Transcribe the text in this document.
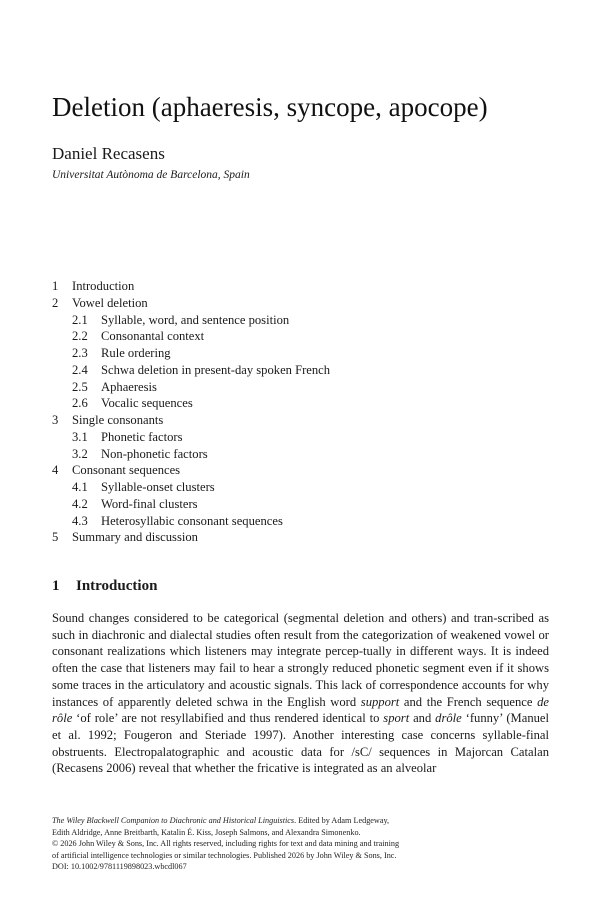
Deletion (aphaeresis, syncope, apocope)
Daniel Recasens
Universitat Autònoma de Barcelona, Spain
1	Introduction
2	Vowel deletion
2.1	Syllable, word, and sentence position
2.2	Consonantal context
2.3	Rule ordering
2.4	Schwa deletion in present-day spoken French
2.5	Aphaeresis
2.6	Vocalic sequences
3	Single consonants
3.1	Phonetic factors
3.2	Non-phonetic factors
4	Consonant sequences
4.1	Syllable-onset clusters
4.2	Word-final clusters
4.3	Heterosyllabic consonant sequences
5	Summary and discussion
1 Introduction
Sound changes considered to be categorical (segmental deletion and others) and tran-scribed as such in diachronic and dialectal studies often result from the categorization of weakened vowel or consonant realizations which listeners may integrate percep-tually in different ways. It is indeed often the case that listeners may fail to hear a strongly reduced phonetic segment even if it shows some traces in the articulatory and acoustic signals. This lack of correspondence accounts for why instances of apparently deleted schwa in the English word support and the French sequence de rôle ‘of role’ are not resyllabified and thus rendered identical to sport and drôle ‘funny’ (Manuel et al. 1992; Fougeron and Steriade 1997). Another interesting case concerns syllable-final obstruents. Electropalatographic and acoustic data for /sC/ sequences in Majorcan Catalan (Recasens 2006) reveal that whether the fricative is integrated as an alveolar
The Wiley Blackwell Companion to Diachronic and Historical Linguistics. Edited by Adam Ledgeway,
Edith Aldridge, Anne Breitbarth, Katalin É. Kiss, Joseph Salmons, and Alexandra Simonenko.
© 2026 John Wiley & Sons, Inc. All rights reserved, including rights for text and data mining and training
of artificial intelligence technologies or similar technologies. Published 2026 by John Wiley & Sons, Inc.
DOI: 10.1002/9781119898023.wbcdl067
